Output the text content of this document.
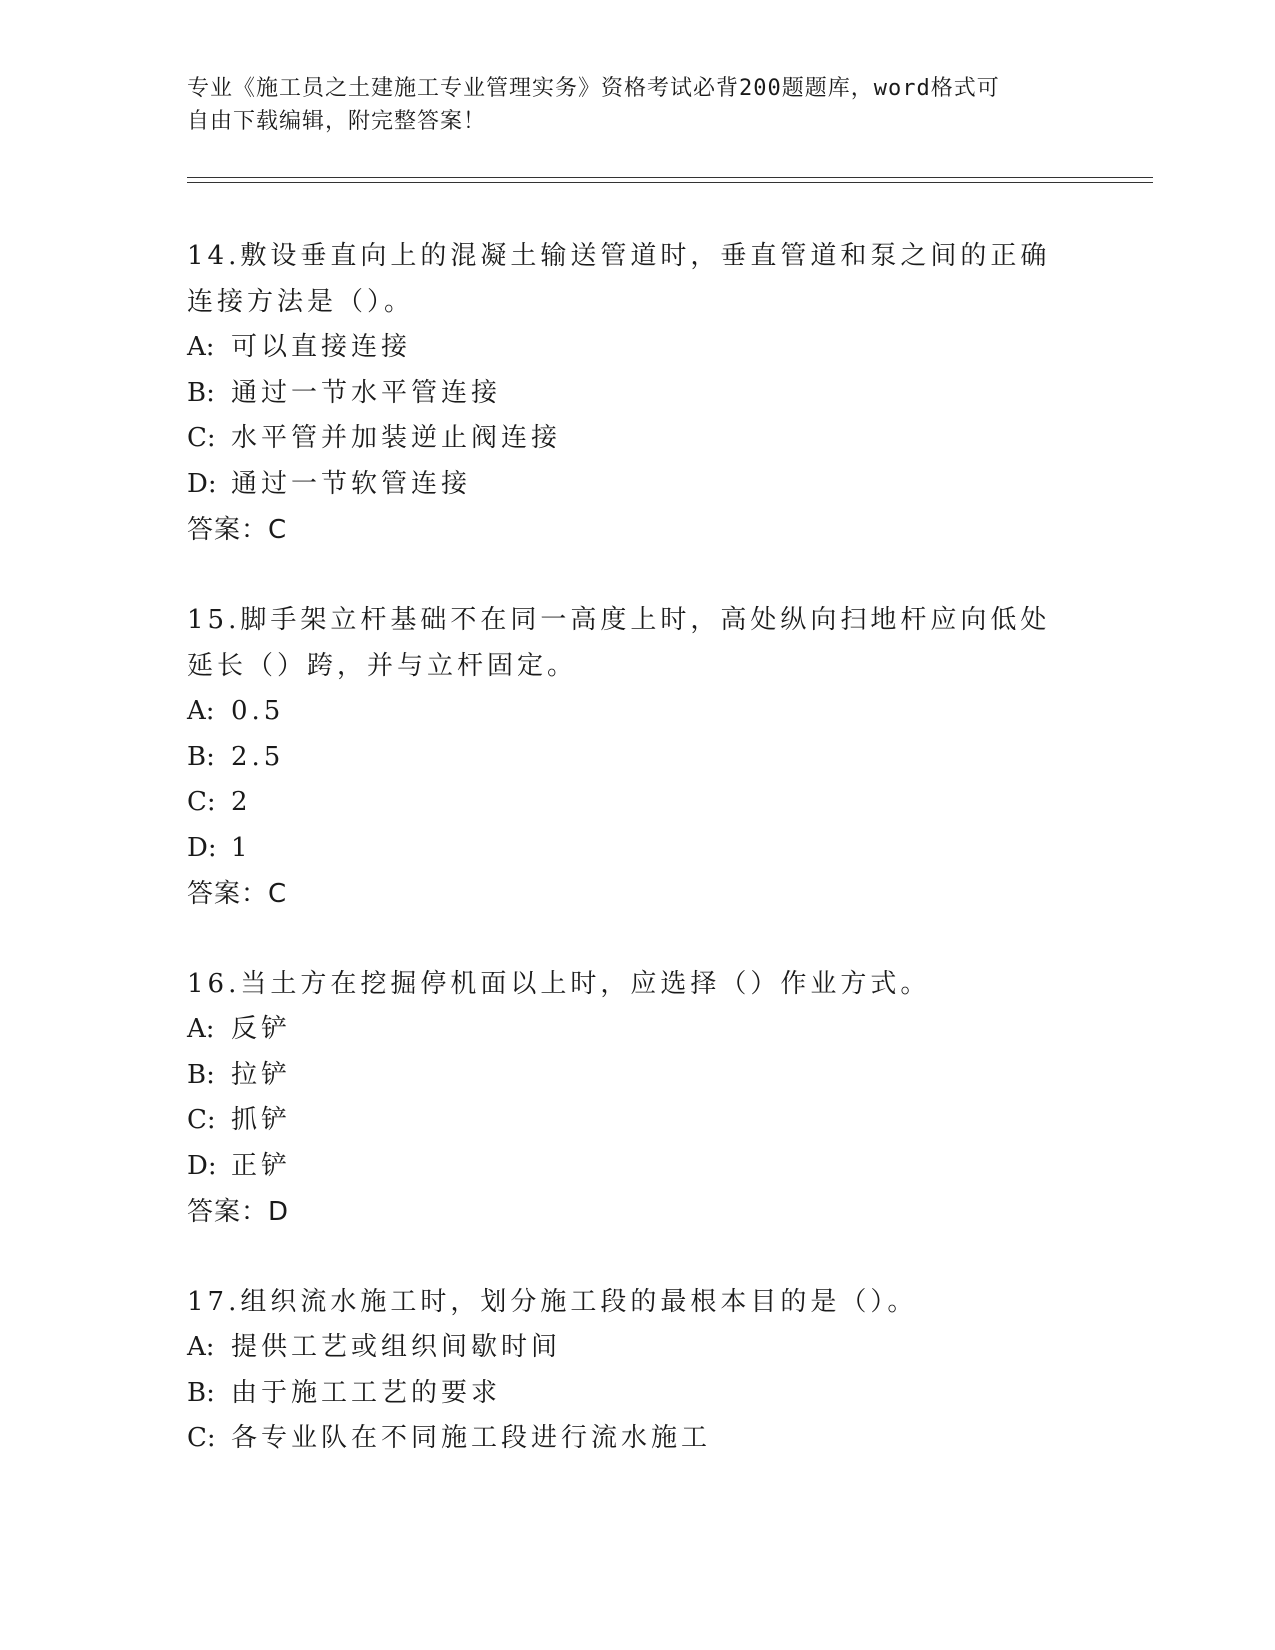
专业《施工员之土建施工专业管理实务》资格考试必背200题题库，word格式可
自由下载编辑，附完整答案！

14.敷设垂直向上的混凝土输送管道时，垂直管道和泵之间的正确连接方法是（）。

A: 可以直接连接

B: 通过一节水平管连接

C: 水平管并加装逆止阀连接

D: 通过一节软管连接

答案：C

15.脚手架立杆基础不在同一高度上时，高处纵向扫地杆应向低处延长（）跨，并与立杆固定。

A: 0.5

B: 2.5

C: 2

D: 1

答案：C

16.当土方在挖掘停机面以上时，应选择（）作业方式。

A: 反铲

B: 拉铲

C: 抓铲

D: 正铲

答案：D

17.组织流水施工时，划分施工段的最根本目的是（）。

A: 提供工艺或组织间歇时间

B: 由于施工工艺的要求

C: 各专业队在不同施工段进行流水施工
